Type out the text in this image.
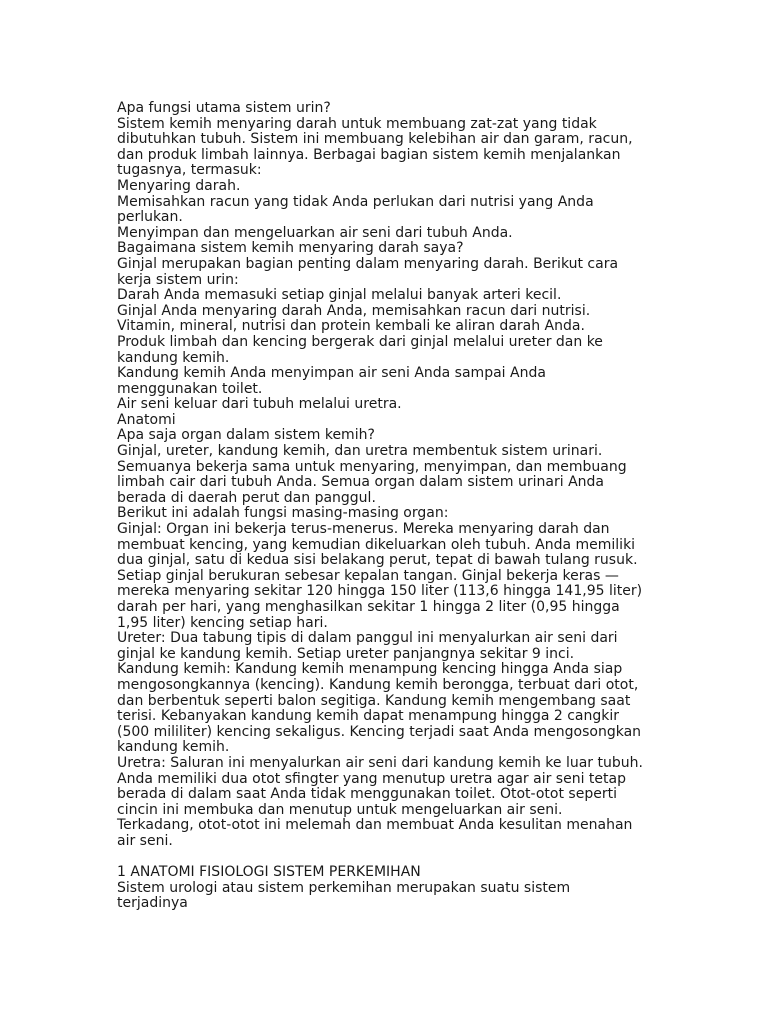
Apa fungsi utama sistem urin?
Sistem kemih menyaring darah untuk membuang zat-zat yang tidak
dibutuhkan tubuh. Sistem ini membuang kelebihan air dan garam, racun,
dan produk limbah lainnya. Berbagai bagian sistem kemih menjalankan
tugasnya, termasuk:
Menyaring darah.
Memisahkan racun yang tidak Anda perlukan dari nutrisi yang Anda
perlukan.
Menyimpan dan mengeluarkan air seni dari tubuh Anda.
Bagaimana sistem kemih menyaring darah saya?
Ginjal merupakan bagian penting dalam menyaring darah. Berikut cara
kerja sistem urin:
Darah Anda memasuki setiap ginjal melalui banyak arteri kecil.
Ginjal Anda menyaring darah Anda, memisahkan racun dari nutrisi.
Vitamin, mineral, nutrisi dan protein kembali ke aliran darah Anda.
Produk limbah dan kencing bergerak dari ginjal melalui ureter dan ke
kandung kemih.
Kandung kemih Anda menyimpan air seni Anda sampai Anda
menggunakan toilet.
Air seni keluar dari tubuh melalui uretra.
Anatomi
Apa saja organ dalam sistem kemih?
Ginjal, ureter, kandung kemih, dan uretra membentuk sistem urinari.
Semuanya bekerja sama untuk menyaring, menyimpan, dan membuang
limbah cair dari tubuh Anda. Semua organ dalam sistem urinari Anda
berada di daerah perut dan panggul.
Berikut ini adalah fungsi masing-masing organ:
Ginjal: Organ ini bekerja terus-menerus. Mereka menyaring darah dan
membuat kencing, yang kemudian dikeluarkan oleh tubuh. Anda memiliki
dua ginjal, satu di kedua sisi belakang perut, tepat di bawah tulang rusuk.
Setiap ginjal berukuran sebesar kepalan tangan. Ginjal bekerja keras —
mereka menyaring sekitar 120 hingga 150 liter (113,6 hingga 141,95 liter)
darah per hari, yang menghasilkan sekitar 1 hingga 2 liter (0,95 hingga
1,95 liter) kencing setiap hari.
Ureter: Dua tabung tipis di dalam panggul ini menyalurkan air seni dari
ginjal ke kandung kemih. Setiap ureter panjangnya sekitar 9 inci.
Kandung kemih: Kandung kemih menampung kencing hingga Anda siap
mengosongkannya (kencing). Kandung kemih berongga, terbuat dari otot,
dan berbentuk seperti balon segitiga. Kandung kemih mengembang saat
terisi. Kebanyakan kandung kemih dapat menampung hingga 2 cangkir
(500 mililiter) kencing sekaligus. Kencing terjadi saat Anda mengosongkan
kandung kemih.
Uretra: Saluran ini menyalurkan air seni dari kandung kemih ke luar tubuh.
Anda memiliki dua otot sfingter yang menutup uretra agar air seni tetap
berada di dalam saat Anda tidak menggunakan toilet. Otot-otot seperti
cincin ini membuka dan menutup untuk mengeluarkan air seni.
Terkadang, otot-otot ini melemah dan membuat Anda kesulitan menahan
air seni.
1 ANATOMI FISIOLOGI SISTEM PERKEMIHAN
Sistem urologi atau sistem perkemihan merupakan suatu sistem
terjadinya
